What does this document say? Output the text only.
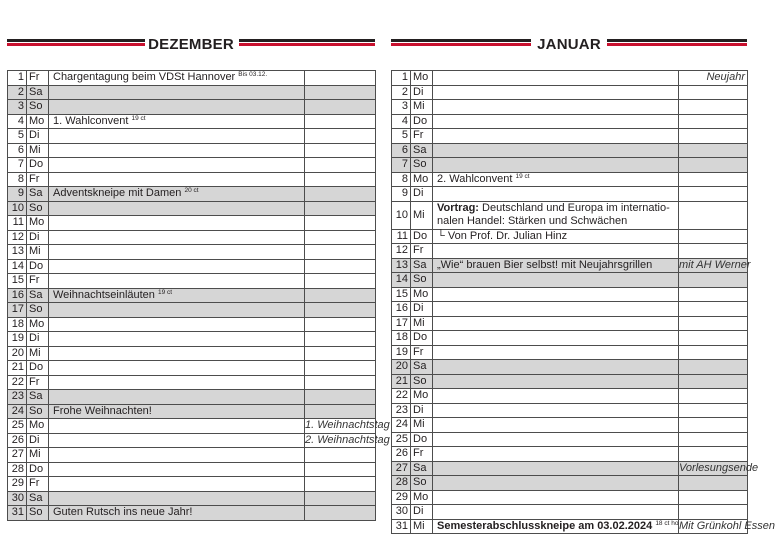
DEZEMBER
1	Fr	Chargentagung beim VDSt Hannover $^{Bis 03.12.}$	
2	Sa		
3	So		
4	Mo	1. Wahlconvent $^{19 ct}$	
5	Di		
6	Mi		
7	Do		
8	Fr		
9	Sa	Adventskneipe mit Damen $^{20 ct}$	
10	So		
11	Mo		
12	Di		
13	Mi		
14	Do		
15	Fr		
16	Sa	Weihnachtseinläuten $^{19 ct}$	
17	So		
18	Mo		
19	Di		
20	Mi		
21	Do		
22	Fr		
23	Sa		
24	So	Frohe Weihnachten!	
25	Mo		1. Weihnachtstag
26	Di		2. Weihnachtstag
27	Mi		
28	Do		
29	Fr		
30	Sa		
31	So	Guten Rutsch ins neue Jahr!	
JANUAR
1	Mo		Neujahr
2	Di		
3	Mi		
4	Do		
5	Fr		
6	Sa		
7	So		
8	Mo	2. Wahlconvent $^{19 ct}$	
9	Di		
10	Mi	Vortrag: Deutschland und Europa im internatio-nalen Handel: Stärken und Schwächen	
11	Do	└ Von Prof. Dr. Julian Hinz	
12	Fr		
13	Sa	„Wie“ brauen Bier selbst! mit Neujahrsgrillen	mit AH Werner
14	So		
15	Mo		
16	Di		
17	Mi		
18	Do		
19	Fr		
20	Sa		
21	So		
22	Mo		
23	Di		
24	Mi		
25	Do		
26	Fr		
27	Sa		Vorlesungsende
28	So		
29	Mo		
30	Di		
31	Mi	Semesterabschlusskneipe am 03.02.2024 $^{18 ct ho}$	Mit Grünkohl Essen
